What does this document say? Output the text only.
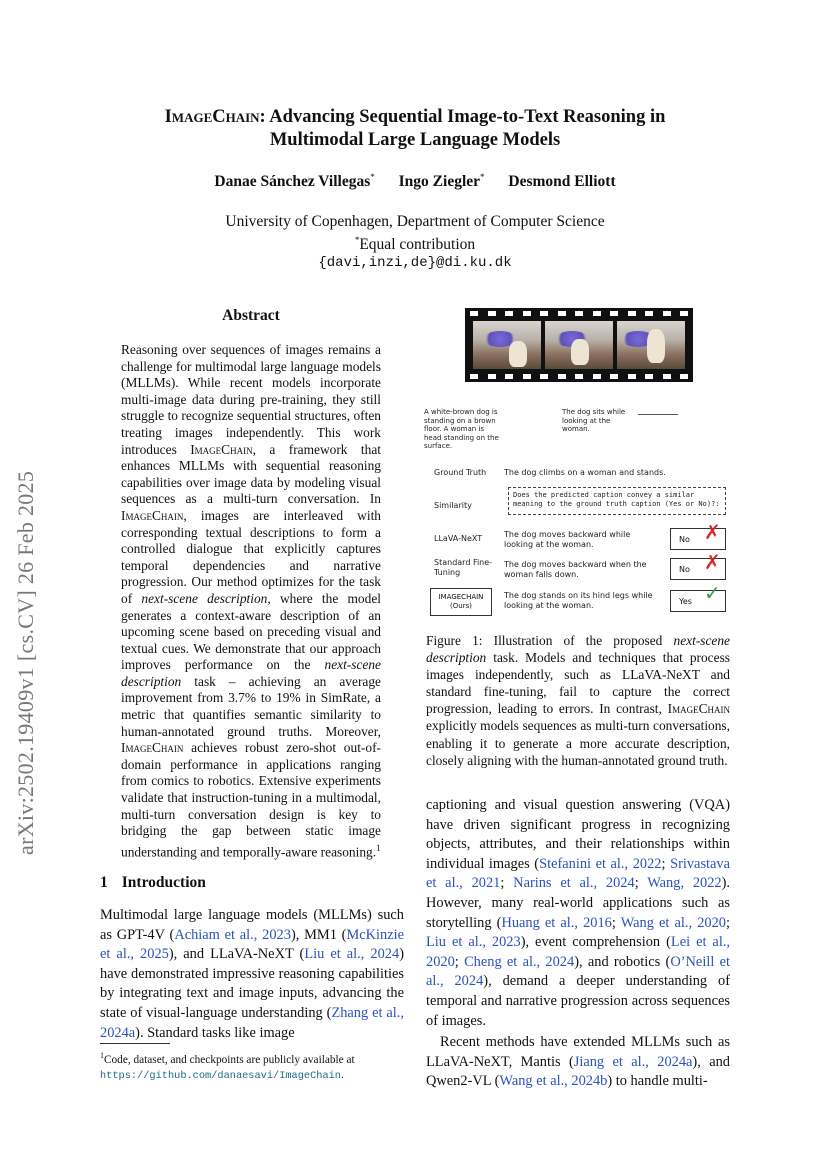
arXiv:2502.19409v1 [cs.CV] 26 Feb 2025
ImageChain: Advancing Sequential Image-to-Text Reasoning in
Multimodal Large Language Models
Danae Sánchez Villegas* Ingo Ziegler* Desmond Elliott
University of Copenhagen, Department of Computer Science
*Equal contribution
{davi,inzi,de}@di.ku.dk
Abstract
Reasoning over sequences of images remains a challenge for multimodal large language models (MLLMs). While recent models incorporate multi-image data during pre-training, they still struggle to recognize sequential structures, often treating images independently. This work introduces ImageChain, a framework that enhances MLLMs with sequential reasoning capabilities over image data by modeling visual sequences as a multi-turn conversation. In ImageChain, images are interleaved with corresponding textual descriptions to form a controlled dialogue that explicitly captures temporal dependencies and narrative progression. Our method optimizes for the task of next-scene description, where the model generates a context-aware description of an upcoming scene based on preceding visual and textual cues. We demonstrate that our approach improves performance on the next-scene description task – achieving an average improvement from 3.7% to 19% in SimRate, a metric that quantifies semantic similarity to human-annotated ground truths. Moreover, ImageChain achieves robust zero-shot out-of-domain performance in applications ranging from comics to robotics. Extensive experiments validate that instruction-tuning in a multimodal, multi-turn conversation design is key to bridging the gap between static image understanding and temporally-aware reasoning.$^1$
1 Introduction
Multimodal large language models (MLLMs) such as GPT-4V (Achiam et al., 2023), MM1 (McKinzie et al., 2025), and LLaVA-NeXT (Liu et al., 2024) have demonstrated impressive reasoning capabilities by integrating text and image inputs, advancing the state of visual-language understanding (Zhang et al., 2024a). Standard tasks like image
$^1$Code, dataset, and checkpoints are publicly available at
https://github.com/danaesavi/ImageChain.
A white-brown dog is standing on a brown floor. A woman is head standing on the surface.
The dog sits while looking at the woman.
Ground Truth The dog climbs on a woman and stands.
Similarity
Does the predicted caption convey a similar meaning to the ground truth caption (Yes or No)?:
LLaVA-NeXT	The dog moves backward while looking at the woman.
No ✗
Standard Fine-Tuning
The dog moves backward when the woman falls down.
No ✗
IMAGECHAIN (Ours)
The dog stands on its hind legs while looking at the woman.	Yes ✓
Figure 1: Illustration of the proposed next-scene description task. Models and techniques that process images independently, such as LLaVA-NeXT and standard fine-tuning, fail to capture the correct progression, leading to errors. In contrast, ImageChain explicitly models sequences as multi-turn conversations, enabling it to generate a more accurate description, closely aligning with the human-annotated ground truth.

captioning and visual question answering (VQA) have driven significant progress in recognizing objects, attributes, and their relationships within individual images (Stefanini et al., 2022; Srivastava et al., 2021; Narins et al., 2024; Wang, 2022). However, many real-world applications such as storytelling (Huang et al., 2016; Wang et al., 2020; Liu et al., 2023), event comprehension (Lei et al., 2020; Cheng et al., 2024), and robotics (O’Neill et al., 2024), demand a deeper understanding of temporal and narrative progression across sequences of images.

Recent methods have extended MLLMs such as LLaVA-NeXT, Mantis (Jiang et al., 2024a), and Qwen2-VL (Wang et al., 2024b) to handle multi-
